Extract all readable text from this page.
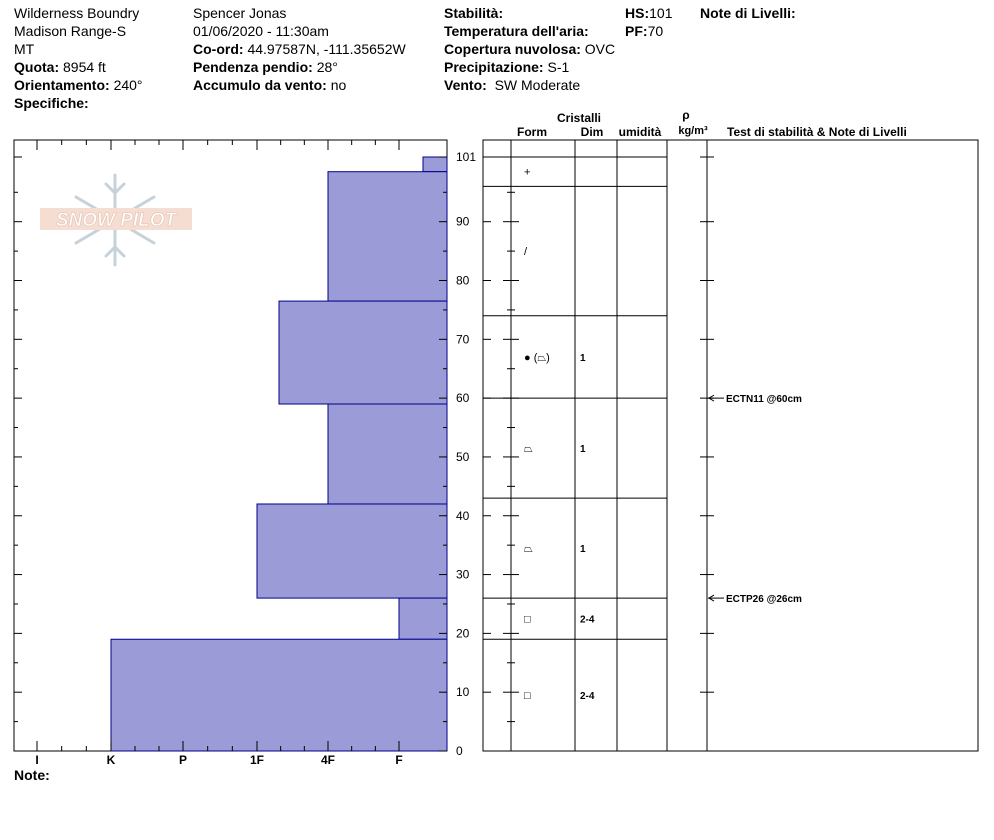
Wilderness Boundry
Madison Range-S
MT
Quota: 8954 ft
Orientamento: 240°
Specifiche:
Spencer Jonas
01/06/2020 - 11:30am
Co-ord: 44.97587N, -111.35652W
Pendenza pendio: 28°
Accumulo da vento: no
Stabilità:
Temperatura dell'aria:
Copertura nuvolosa: OVC
Precipitazione: S-1
Vento: SW Moderate
HS:101
PF:70
Note di Livelli:
Note:
SNOW PILOT
I	K	P	1F	4F	F
0
10
20
30
40
50
60
70
80
90
101
+
/
● (⏢)	1
⏢	1
⏢	1
□	2-4
□	2-4
ECTN11 @60cm
ECTP26 @26cm
Cristalli
Form	Dim umidità
ρ
kg/m³ Test di stabilità & Note di Livelli
